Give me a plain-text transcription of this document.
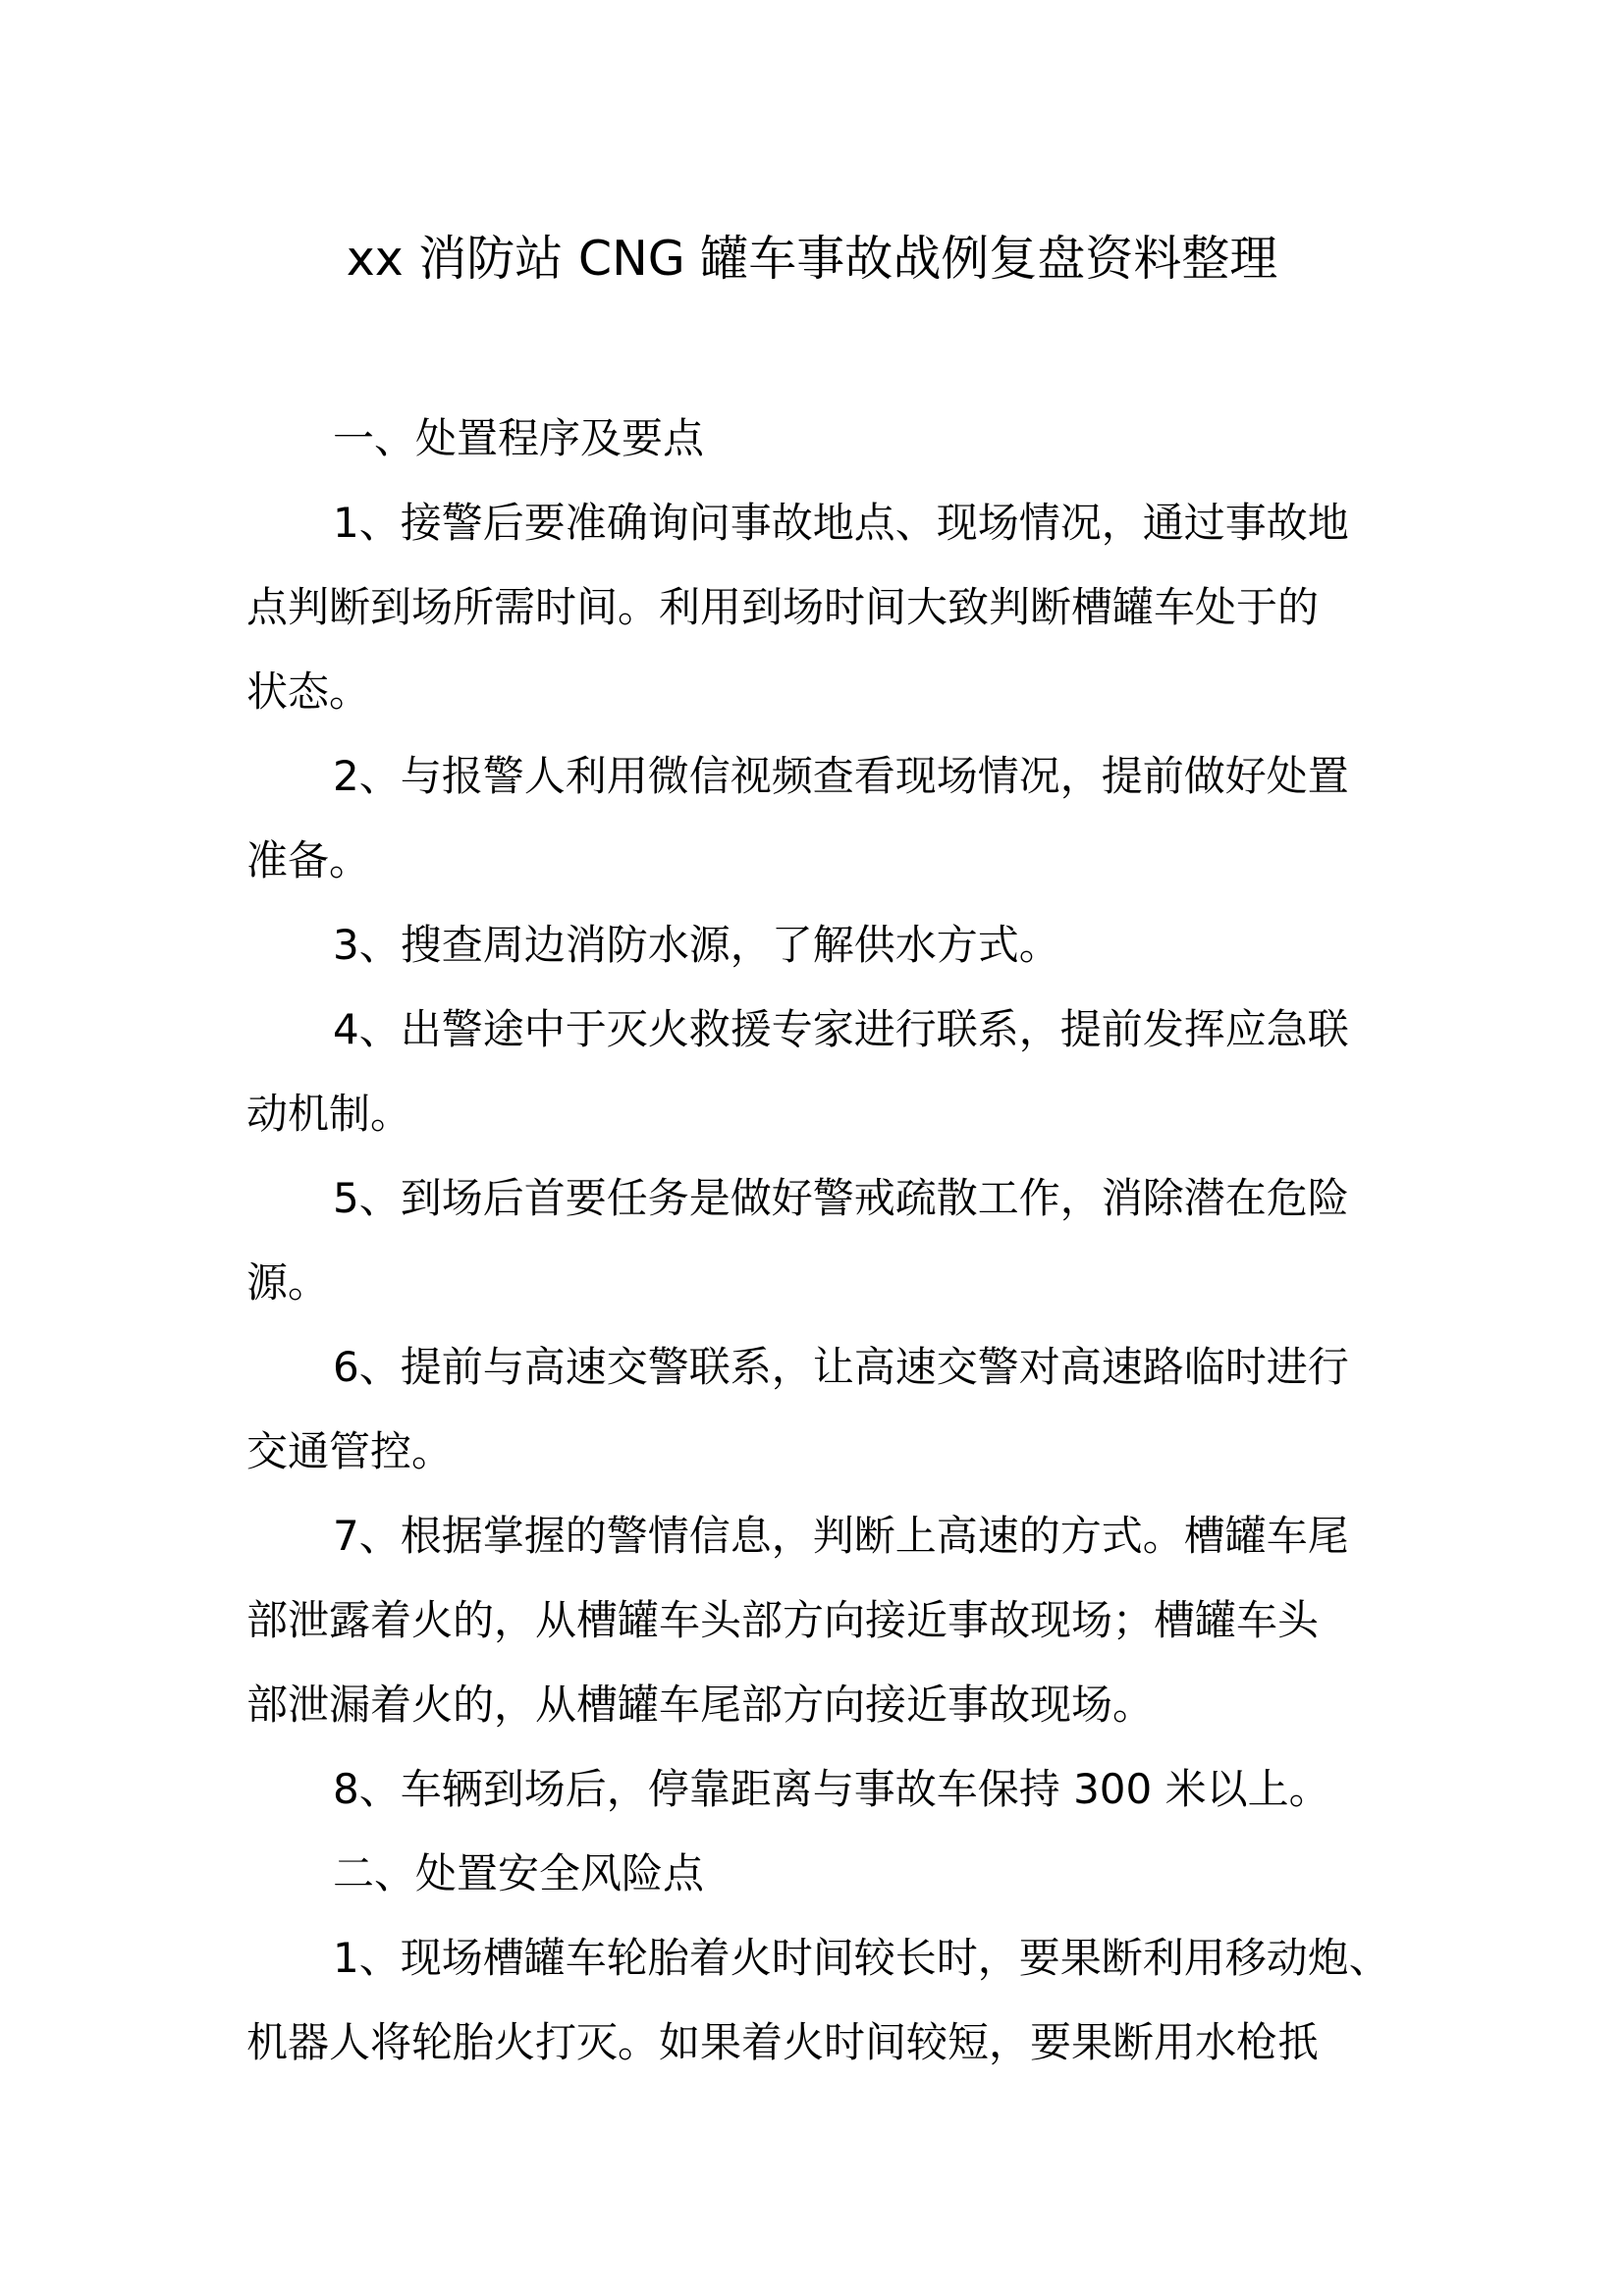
xx 消防站 CNG 罐车事故战例复盘资料整理
一、处置程序及要点
1、接警后要准确询问事故地点、现场情况，通过事故地
点判断到场所需时间。利用到场时间大致判断槽罐车处于的
状态。
2、与报警人利用微信视频查看现场情况，提前做好处置
准备。
3、搜查周边消防水源，了解供水方式。
4、出警途中于灭火救援专家进行联系，提前发挥应急联
动机制。
5、到场后首要任务是做好警戒疏散工作，消除潜在危险
源。
6、提前与高速交警联系，让高速交警对高速路临时进行
交通管控。
7、根据掌握的警情信息，判断上高速的方式。槽罐车尾
部泄露着火的，从槽罐车头部方向接近事故现场；槽罐车头
部泄漏着火的，从槽罐车尾部方向接近事故现场。
8、车辆到场后，停靠距离与事故车保持 300 米以上。
二、处置安全风险点
1、现场槽罐车轮胎着火时间较长时，要果断利用移动炮、
机器人将轮胎火打灭。如果着火时间较短，要果断用水枪扺
